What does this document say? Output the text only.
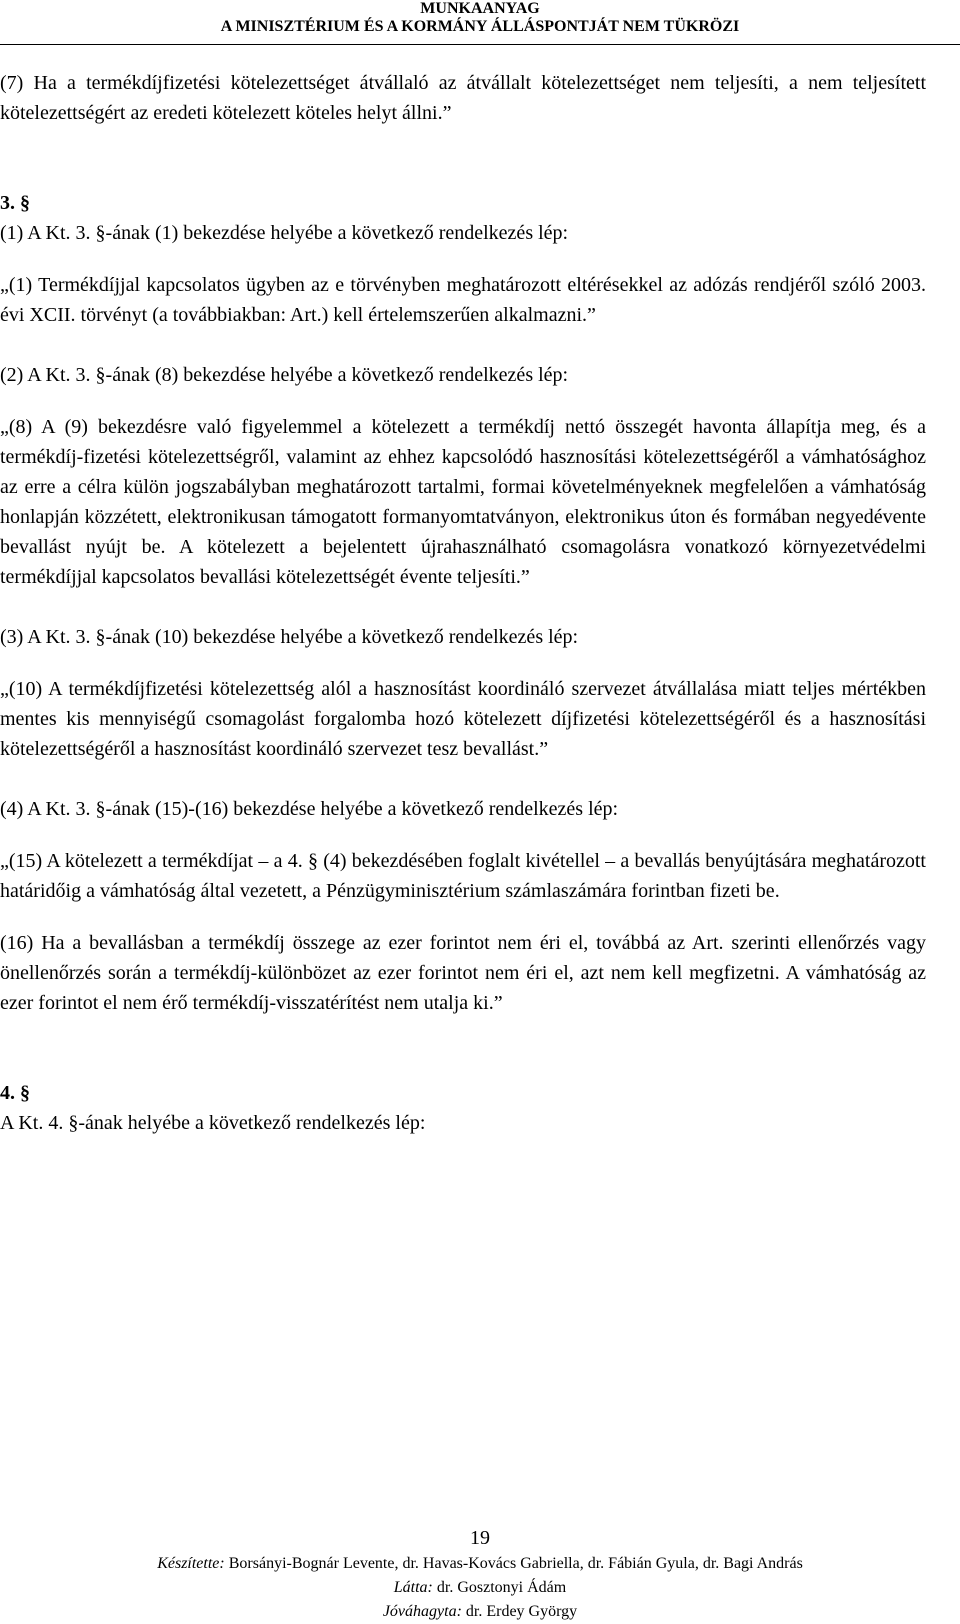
MUNKAANYAG
A MINISZTÉRIUM ÉS A KORMÁNY ÁLLÁSPONTJÁT NEM TÜKRÖZI

(7) Ha a termékdíjfizetési kötelezettséget átvállaló az átvállalt kötelezettséget nem teljesíti, a nem teljesített kötelezettségért az eredeti kötelezett köteles helyt állni.”

3. §

(1) A Kt. 3. §-ának (1) bekezdése helyébe a következő rendelkezés lép:

„(1) Termékdíjjal kapcsolatos ügyben az e törvényben meghatározott eltérésekkel az adózás rendjéről szóló 2003. évi XCII. törvényt (a továbbiakban: Art.) kell értelemszerűen alkalmazni.”

(2) A Kt. 3. §-ának (8) bekezdése helyébe a következő rendelkezés lép:

„(8) A (9) bekezdésre való figyelemmel a kötelezett a termékdíj nettó összegét havonta állapítja meg, és a termékdíj-fizetési kötelezettségről, valamint az ehhez kapcsolódó hasznosítási kötelezettségéről a vámhatósághoz az erre a célra külön jogszabályban meghatározott tartalmi, formai követelményeknek megfelelően a vámhatóság honlapján közzétett, elektronikusan támogatott formanyomtatványon, elektronikus úton és formában negyedévente bevallást nyújt be. A kötelezett a bejelentett újrahasználható csomagolásra vonatkozó környezetvédelmi termékdíjjal kapcsolatos bevallási kötelezettségét évente teljesíti.”

(3) A Kt. 3. §-ának (10) bekezdése helyébe a következő rendelkezés lép:

„(10) A termékdíjfizetési kötelezettség alól a hasznosítást koordináló szervezet átvállalása miatt teljes mértékben mentes kis mennyiségű csomagolást forgalomba hozó kötelezett díjfizetési kötelezettségéről és a hasznosítási kötelezettségéről a hasznosítást koordináló szervezet tesz bevallást.”

(4) A Kt. 3. §-ának (15)-(16) bekezdése helyébe a következő rendelkezés lép:

„(15) A kötelezett a termékdíjat – a 4. § (4) bekezdésében foglalt kivétellel – a bevallás benyújtására meghatározott határidőig a vámhatóság által vezetett, a Pénzügyminisztérium számlaszámára forintban fizeti be.

(16) Ha a bevallásban a termékdíj összege az ezer forintot nem éri el, továbbá az Art. szerinti ellenőrzés vagy önellenőrzés során a termékdíj-különbözet az ezer forintot nem éri el, azt nem kell megfizetni. A vámhatóság az ezer forintot el nem érő termékdíj-visszatérítést nem utalja ki.”

4. §

A Kt. 4. §-ának helyébe a következő rendelkezés lép:

19
Készítette: Borsányi-Bognár Levente, dr. Havas-Kovács Gabriella, dr. Fábián Gyula, dr. Bagi András
Látta: dr. Gosztonyi Ádám
Jóváhagyta: dr. Erdey György
